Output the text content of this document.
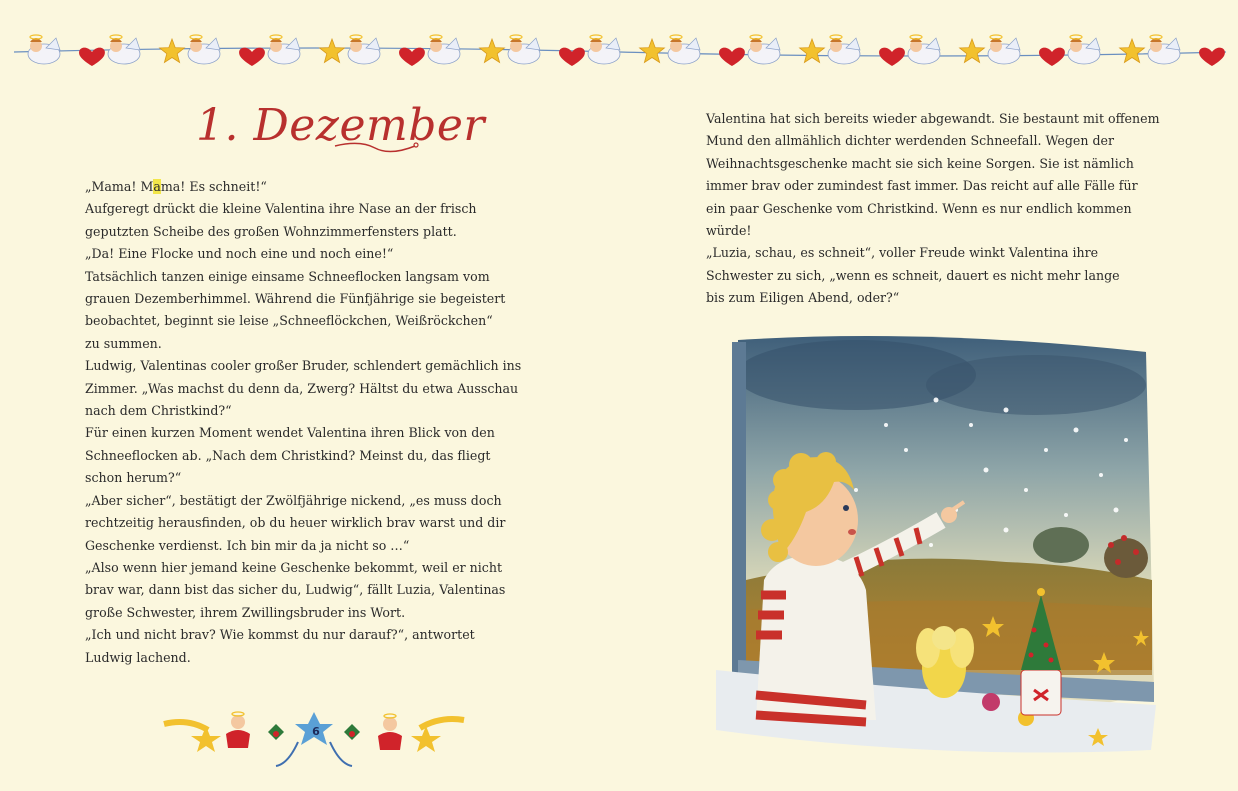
1. Dezember

„Mama! Mama! Es schneit!“

Aufgeregt drückt die kleine Valentina ihre Nase an der frisch

geputzten Scheibe des großen Wohnzimmerfensters platt.

„Da! Eine Flocke und noch eine und noch eine!“

Tatsächlich tanzen einige einsame Schneeflocken langsam vom

grauen Dezemberhimmel. Während die Fünfjährige sie begeistert

beobachtet, beginnt sie leise „Schneeflöckchen, Weißröckchen“

zu summen.

Ludwig, Valentinas cooler großer Bruder, schlendert gemächlich ins

Zimmer. „Was machst du denn da, Zwerg? Hältst du etwa Ausschau

nach dem Christkind?“

Für einen kurzen Moment wendet Valentina ihren Blick von den

Schneeflocken ab. „Nach dem Christkind? Meinst du, das fliegt

schon herum?“

„Aber sicher“, bestätigt der Zwölfjährige nickend, „es muss doch

rechtzeitig herausfinden, ob du heuer wirklich brav warst und dir

Geschenke verdienst. Ich bin mir da ja nicht so …“

„Also wenn hier jemand keine Geschenke bekommt, weil er nicht

brav war, dann bist das sicher du, Ludwig“, fällt Luzia, Valentinas

große Schwester, ihrem Zwillingsbruder ins Wort.

„Ich und nicht brav? Wie kommst du nur darauf?“, antwortet

Ludwig lachend.

Valentina hat sich bereits wieder abgewandt. Sie bestaunt mit offenem

Mund den allmählich dichter werdenden Schneefall. Wegen der

Weihnachtsgeschenke macht sie sich keine Sorgen. Sie ist nämlich

immer brav oder zumindest fast immer. Das reicht auf alle Fälle für

ein paar Geschenke vom Christkind. Wenn es nur endlich kommen

würde!

„Luzia, schau, es schneit“, voller Freude winkt Valentina ihre

Schwester zu sich, „wenn es schneit, dauert es nicht mehr lange

bis zum Eiligen Abend, oder?“

6
